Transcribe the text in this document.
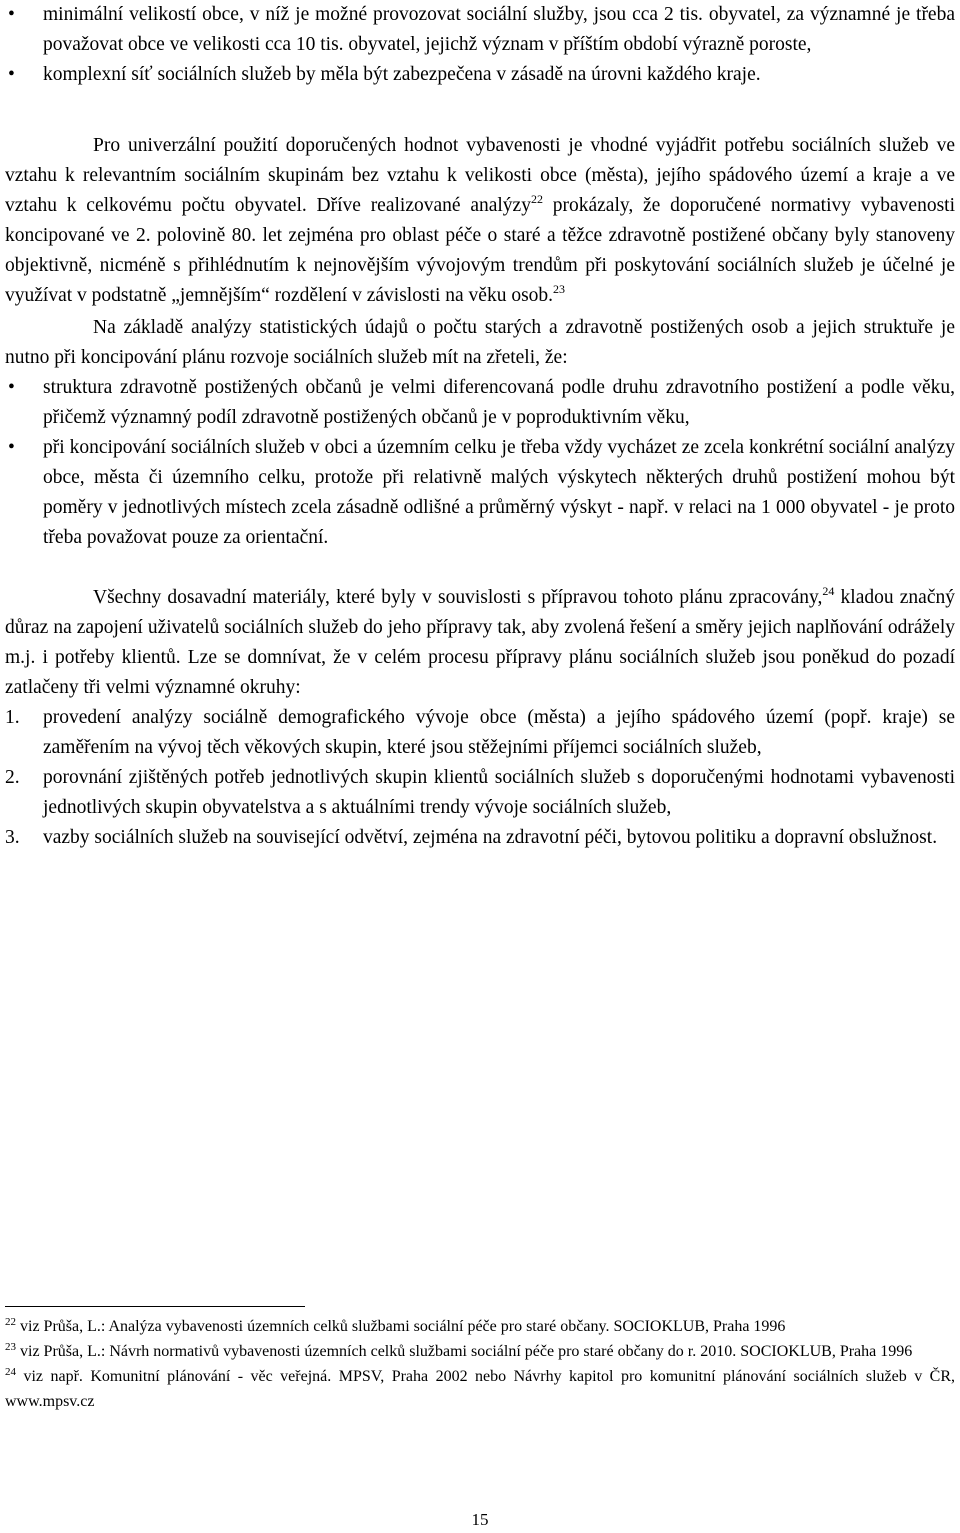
•	minimální velikostí obce, v níž je možné provozovat sociální služby, jsou cca 2 tis. obyvatel, za významné je třeba považovat obce ve velikosti cca 10 tis. obyvatel, jejichž význam v příštím období výrazně poroste,
•	komplexní síť sociálních služeb by měla být zabezpečena v zásadě na úrovni každého kraje.

Pro univerzální použití doporučených hodnot vybavenosti je vhodné vyjádřit potřebu sociálních služeb ve vztahu k relevantním sociálním skupinám bez vztahu k velikosti obce (města), jejího spádového území a kraje a ve vztahu k celkovému počtu obyvatel. Dříve realizované analýzy$^{22}$ prokázaly, že doporučené normativy vybavenosti koncipované ve 2. polovině 80. let zejména pro oblast péče o staré a těžce zdravotně postižené občany byly stanoveny objektivně, nicméně s přihlédnutím k nejnovějším vývojovým trendům při poskytování sociálních služeb je účelné je využívat v podstatně „jemnějším“ rozdělení v závislosti na věku osob.$^{23}$

Na základě analýzy statistických údajů o počtu starých a zdravotně postižených osob a jejich struktuře je nutno při koncipování plánu rozvoje sociálních služeb mít na zřeteli, že:

•	struktura zdravotně postižených občanů je velmi diferencovaná podle druhu zdravotního postižení a podle věku, přičemž významný podíl zdravotně postižených občanů je v poproduktivním věku,
•	při koncipování sociálních služeb v obci a územním celku je třeba vždy vycházet ze zcela konkrétní sociální analýzy obce, města či územního celku, protože při relativně malých výskytech některých druhů postižení mohou být poměry v jednotlivých místech zcela zásadně odlišné a průměrný výskyt - např. v relaci na 1 000 obyvatel - je proto třeba považovat pouze za orientační.

Všechny dosavadní materiály, které byly v souvislosti s přípravou tohoto plánu zpracovány,$^{24}$ kladou značný důraz na zapojení uživatelů sociálních služeb do jeho přípravy tak, aby zvolená řešení a směry jejich naplňování odrážely m.j. i potřeby klientů. Lze se domnívat, že v celém procesu přípravy plánu sociálních služeb jsou poněkud do pozadí zatlačeny tři velmi významné okruhy:

1. provedení analýzy sociálně demografického vývoje obce (města) a jejího spádového území (popř. kraje) se zaměřením na vývoj těch věkových skupin, které jsou stěžejními příjemci sociálních služeb,
2. porovnání zjištěných potřeb jednotlivých skupin klientů sociálních služeb s doporučenými hodnotami vybavenosti jednotlivých skupin obyvatelstva a s aktuálními trendy vývoje sociálních služeb,
3. vazby sociálních služeb na související odvětví, zejména na zdravotní péči, bytovou politiku a dopravní obslužnost.

$^{22}$ viz Průša, L.: Analýza vybavenosti územních celků službami sociální péče pro staré občany. SOCIOKLUB, Praha 1996

$^{23}$ viz Průša, L.: Návrh normativů vybavenosti územních celků službami sociální péče pro staré občany do r. 2010. SOCIOKLUB, Praha 1996

$^{24}$ viz např. Komunitní plánování - věc veřejná. MPSV, Praha 2002 nebo Návrhy kapitol pro komunitní plánování sociálních služeb v ČR, www.mpsv.cz

15
